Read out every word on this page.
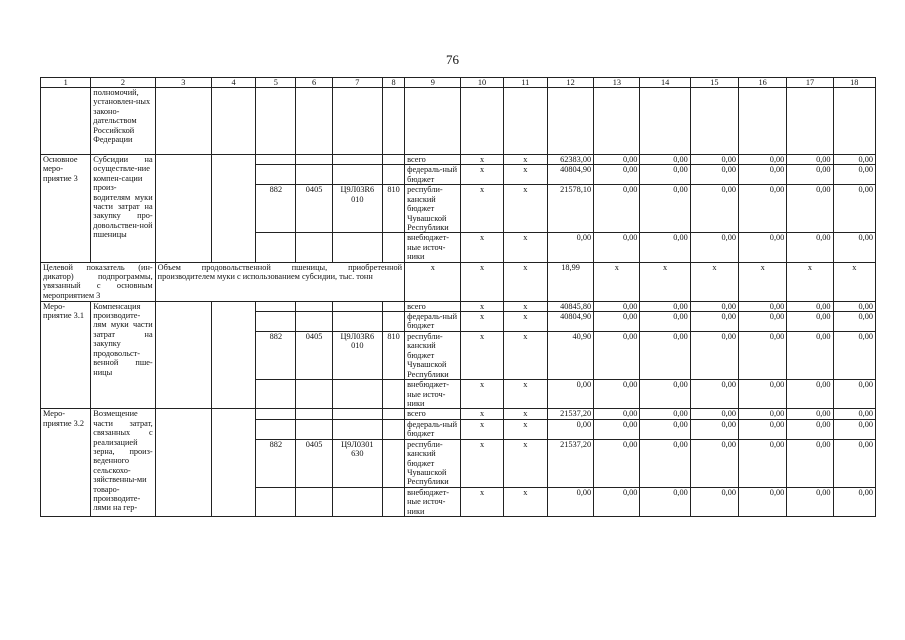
76
1	2	3	4	5	6	7	8	9	10	11	12	13	14	15	16	17	18
	полномочий, установлен-ных законо-дательством Российской Федерации																
Основное меро-приятие 3	Субсидии на осуществле-ние компен-сации произ-водителям муки части затрат на закупку про-довольствен-ной пшеницы							всего	x	x	62383,00	0,00	0,00	0,00	0,00	0,00	0,00
								федераль-ный бюджет	x	x	40804,90	0,00	0,00	0,00	0,00	0,00	0,00
				882	0405	Ц9Л03R6 010	810	республи-канский бюджет Чувашской Республики	x	x	21578,10	0,00	0,00	0,00	0,00	0,00	0,00
								внебюджет-ные источ-ники	x	x	0,00	0,00	0,00	0,00	0,00	0,00	0,00
Целевой показатель (ин-дикатор) подпрограммы, увязанный с основным мероприятием 3		Объем продовольственной пшеницы, приобретенной производителем муки с использованием субсидии, тыс. тонн						x	x	x	18,99	x	x	x	x	x	x
Меро-приятие 3.1	Компенсация производите-лям муки части затрат на закупку продовольст-венной пше-ницы							всего	x	x	40845,80	0,00	0,00	0,00	0,00	0,00	0,00
								федераль-ный бюджет	x	x	40804,90	0,00	0,00	0,00	0,00	0,00	0,00
				882	0405	Ц9Л03R6 010	810	республи-канский бюджет Чувашской Республики	x	x	40,90	0,00	0,00	0,00	0,00	0,00	0,00
								внебюджет-ные источ-ники	x	x	0,00	0,00	0,00	0,00	0,00	0,00	0,00
Меро-приятие 3.2	Возмещение части затрат, связанных с реализацией зерна, произ-веденного сельскохо-зяйственны-ми товаро-производите-лями на гер-							всего	x	x	21537,20	0,00	0,00	0,00	0,00	0,00	0,00
								федераль-ный бюджет	x	x	0,00	0,00	0,00	0,00	0,00	0,00	0,00
				882	0405	Ц9Л0301 630		республи-канский бюджет Чувашской Республики	x	x	21537,20	0,00	0,00	0,00	0,00	0,00	0,00
								внебюджет-ные источ-ники	x	x	0,00	0,00	0,00	0,00	0,00	0,00	0,00
